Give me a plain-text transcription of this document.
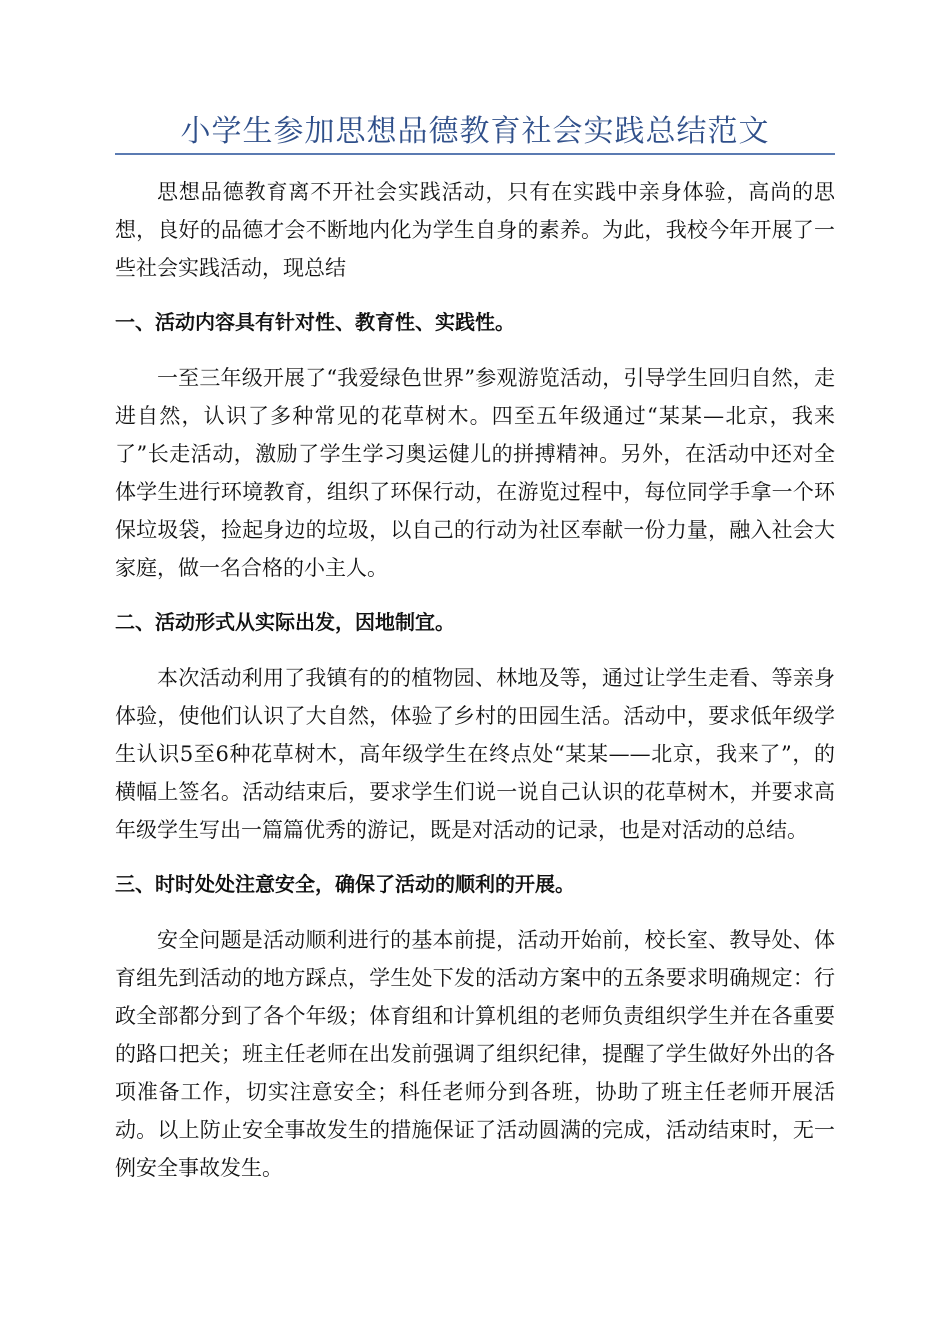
小学生参加思想品德教育社会实践总结范文

思想品德教育离不开社会实践活动，只有在实践中亲身体验，高尚的思想，良好的品德才会不断地内化为学生自身的素养。为此，我校今年开展了一些社会实践活动，现总结

一、活动内容具有针对性、教育性、实践性。

一至三年级开展了“我爱绿色世界”参观游览活动，引导学生回归自然，走进自然，认识了多种常见的花草树木。四至五年级通过“某某—北京，我来了”长走活动，激励了学生学习奥运健儿的拼搏精神。另外，在活动中还对全体学生进行环境教育，组织了环保行动，在游览过程中，每位同学手拿一个环保垃圾袋，捡起身边的垃圾，以自己的行动为社区奉献一份力量，融入社会大家庭，做一名合格的小主人。

二、活动形式从实际出发，因地制宜。

本次活动利用了我镇有的的植物园、林地及等，通过让学生走看、等亲身体验，使他们认识了大自然，体验了乡村的田园生活。活动中，要求低年级学生认识5至6种花草树木，高年级学生在终点处“某某——北京，我来了”，的横幅上签名。活动结束后，要求学生们说一说自己认识的花草树木，并要求高年级学生写出一篇篇优秀的游记，既是对活动的记录，也是对活动的总结。

三、时时处处注意安全，确保了活动的顺利的开展。

安全问题是活动顺利进行的基本前提，活动开始前，校长室、教导处、体育组先到活动的地方踩点，学生处下发的活动方案中的五条要求明确规定：行政全部都分到了各个年级；体育组和计算机组的老师负责组织学生并在各重要的路口把关；班主任老师在出发前强调了组织纪律，提醒了学生做好外出的各项准备工作，切实注意安全；科任老师分到各班，协助了班主任老师开展活动。以上防止安全事故发生的措施保证了活动圆满的完成，活动结束时，无一例安全事故发生。
